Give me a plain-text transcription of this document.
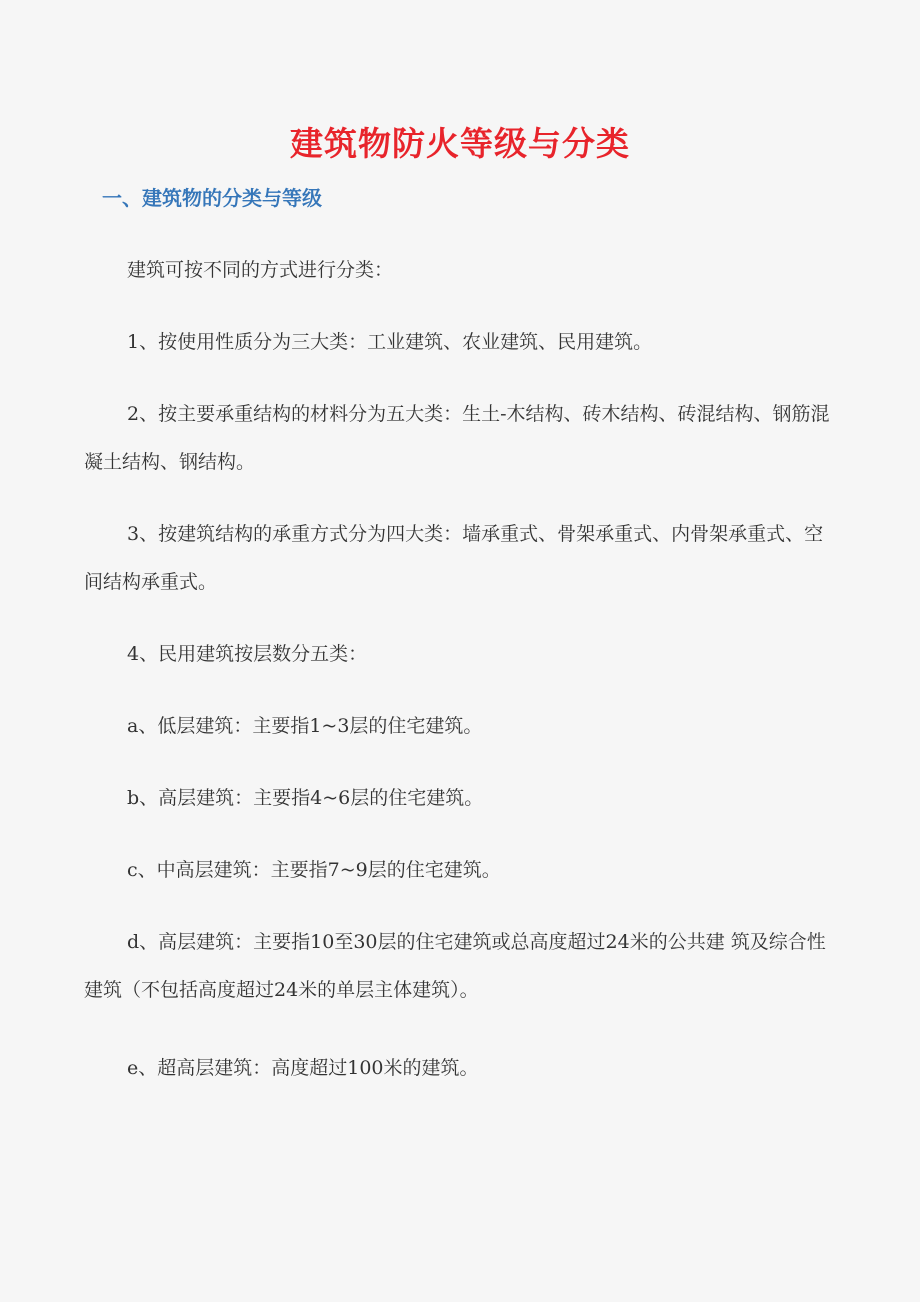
建筑物防火等级与分类
一、建筑物的分类与等级

建筑可按不同的方式进行分类：

1、按使用性质分为三大类：工业建筑、农业建筑、民用建筑。

2、按主要承重结构的材料分为五大类：生土-木结构、砖木结构、砖混结构、钢筋混凝土结构、钢结构。

3、按建筑结构的承重方式分为四大类：墙承重式、骨架承重式、内骨架承重式、空间结构承重式。

4、民用建筑按层数分五类：

a、低层建筑：主要指1~3层的住宅建筑。

b、高层建筑：主要指4~6层的住宅建筑。

c、中高层建筑：主要指7~9层的住宅建筑。

d、高层建筑：主要指10至30层的住宅建筑或总高度超过24米的公共建 筑及综合性建筑（不包括高度超过24米的单层主体建筑）。

e、超高层建筑：高度超过100米的建筑。
